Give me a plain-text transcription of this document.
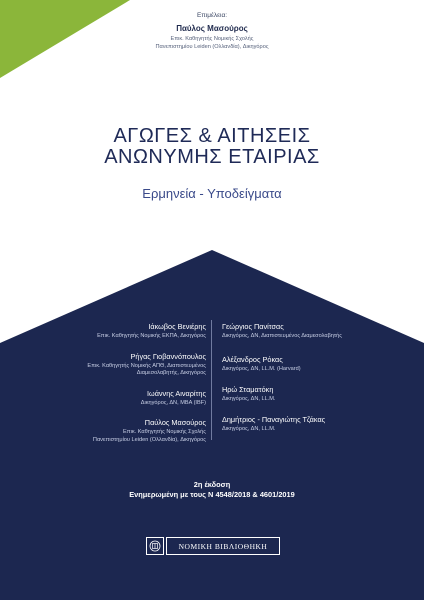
Επιμέλεια:
Παύλος Μασούρος
Επικ. Καθηγητής Νομικής Σχολής
Πανεπιστημίου Leiden (Ολλανδία), Δικηγόρος
ΑΓΩΓΕΣ & ΑΙΤΗΣΕΙΣ
ΑΝΩΝΥΜΗΣ ΕΤΑΙΡΙΑΣ
Ερμηνεία - Υποδείγματα
Ιάκωβος Βενιέρης
Επικ. Καθηγητής Νομικής ΕΚΠΑ, Δικηγόρος
Ρήγας Γιοβαννόπουλος
Επικ. Καθηγητής Νομικής ΑΠΘ, Διαπιστευμένος
Διαμεσολαβητής, Δικηγόρος
Ιωάννης Αιναρίτης
Δικηγόρος, ΔΝ, MBA (IBF)
Παύλος Μασούρος
Επικ. Καθηγητής Νομικής Σχολής
Πανεπιστημίου Leiden (Ολλανδία), Δικηγόρος
Γεώργιος Πανίτσας
Δικηγόρος, ΔΝ, Διαπιστευμένος Διαμεσολαβητής
Αλέξανδρος Ρόκας
Δικηγόρος, ΔΝ, LL.M. (Harvard)
Ηρώ Σταματόκη
Δικηγόρος, ΔΝ, LL.M.
Δημήτριος - Παναγιώτης Τζάκας
Δικηγόρος, ΔΝ, LL.M.
2η έκδοση
Ενημερωμένη με τους Ν 4548/2018 & 4601/2019
ΝΟΜΙΚΗ ΒΙΒΛΙΟΘΗΚΗ
